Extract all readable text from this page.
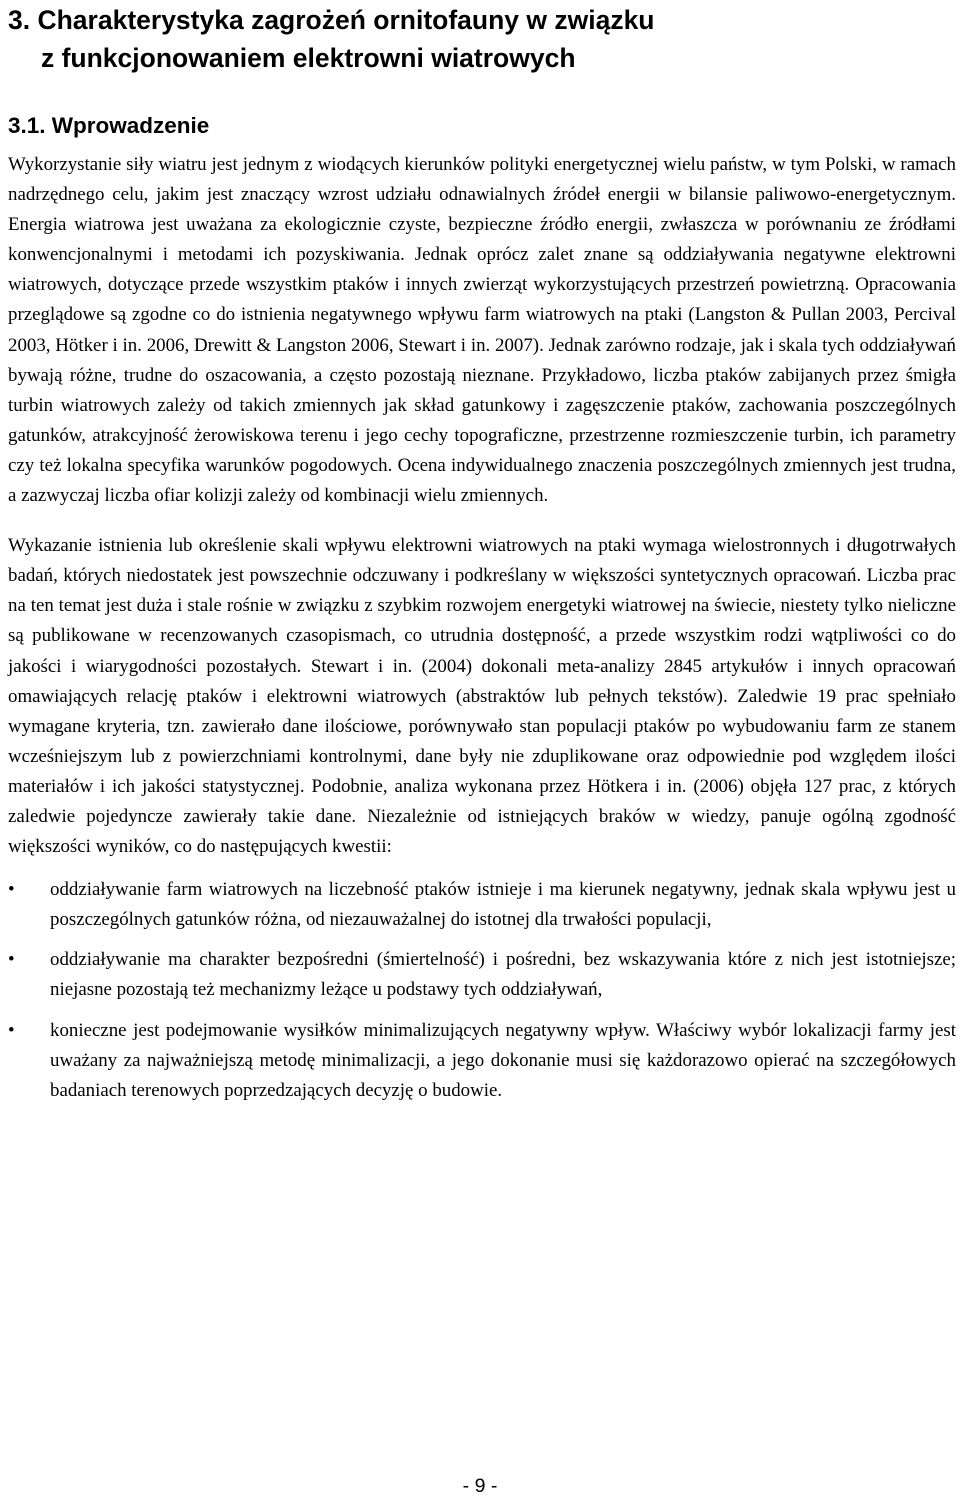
3. Charakterystyka zagrożeń ornitofauny w związku
z funkcjonowaniem elektrowni wiatrowych
3.1. Wprowadzenie

Wykorzystanie siły wiatru jest jednym z wiodących kierunków polityki energetycznej wielu państw, w tym Polski, w ramach nadrzędnego celu, jakim jest znaczący wzrost udziału odnawialnych źródeł energii w bilansie paliwowo-energetycznym. Energia wiatrowa jest uważana za ekologicznie czyste, bezpieczne źródło energii, zwłaszcza w porównaniu ze źródłami konwencjonalnymi i metodami ich pozyskiwania. Jednak oprócz zalet znane są oddziaływania negatywne elektrowni wiatrowych, dotyczące przede wszystkim ptaków i innych zwierząt wykorzystujących przestrzeń powietrzną. Opracowania przeglądowe są zgodne co do istnienia negatywnego wpływu farm wiatrowych na ptaki (Langston & Pullan 2003, Percival 2003, Hötker i in. 2006, Drewitt & Langston 2006, Stewart i in. 2007). Jednak zarówno rodzaje, jak i skala tych oddziaływań bywają różne, trudne do oszacowania, a często pozostają nieznane. Przykładowo, liczba ptaków zabijanych przez śmigła turbin wiatrowych zależy od takich zmiennych jak skład gatunkowy i zagęszczenie ptaków, zachowania poszczególnych gatunków, atrakcyjność żerowiskowa terenu i jego cechy topograficzne, przestrzenne rozmieszczenie turbin, ich parametry czy też lokalna specyfika warunków pogodowych. Ocena indywidualnego znaczenia poszczególnych zmiennych jest trudna, a zazwyczaj liczba ofiar kolizji zależy od kombinacji wielu zmiennych.

Wykazanie istnienia lub określenie skali wpływu elektrowni wiatrowych na ptaki wymaga wielostronnych i długotrwałych badań, których niedostatek jest powszechnie odczuwany i podkreślany w większości syntetycznych opracowań. Liczba prac na ten temat jest duża i stale rośnie w związku z szybkim rozwojem energetyki wiatrowej na świecie, niestety tylko nieliczne są publikowane w recenzowanych czasopismach, co utrudnia dostępność, a przede wszystkim rodzi wątpliwości co do jakości i wiarygodności pozostałych. Stewart i in. (2004) dokonali meta-analizy 2845 artykułów i innych opracowań omawiających relację ptaków i elektrowni wiatrowych (abstraktów lub pełnych tekstów). Zaledwie 19 prac spełniało wymagane kryteria, tzn. zawierało dane ilościowe, porównywało stan populacji ptaków po wybudowaniu farm ze stanem wcześniejszym lub z powierzchniami kontrolnymi, dane były nie zduplikowane oraz odpowiednie pod względem ilości materiałów i ich jakości statystycznej. Podobnie, analiza wykonana przez Hötkera i in. (2006) objęła 127 prac, z których zaledwie pojedyncze zawierały takie dane. Niezależnie od istniejących braków w wiedzy, panuje ogólną zgodność większości wyników, co do następujących kwestii:

•	oddziaływanie farm wiatrowych na liczebność ptaków istnieje i ma kierunek negatywny, jednak skala wpływu jest u poszczególnych gatunków różna, od niezauważalnej do istotnej dla trwałości populacji,
•	oddziaływanie ma charakter bezpośredni (śmiertelność) i pośredni, bez wskazywania które z nich jest istotniejsze; niejasne pozostają też mechanizmy leżące u podstawy tych oddziaływań,
•	konieczne jest podejmowanie wysiłków minimalizujących negatywny wpływ. Właściwy wybór lokalizacji farmy jest uważany za najważniejszą metodę minimalizacji, a jego dokonanie musi się każdorazowo opierać na szczegółowych badaniach terenowych poprzedzających decyzję o budowie.
- 9 -
